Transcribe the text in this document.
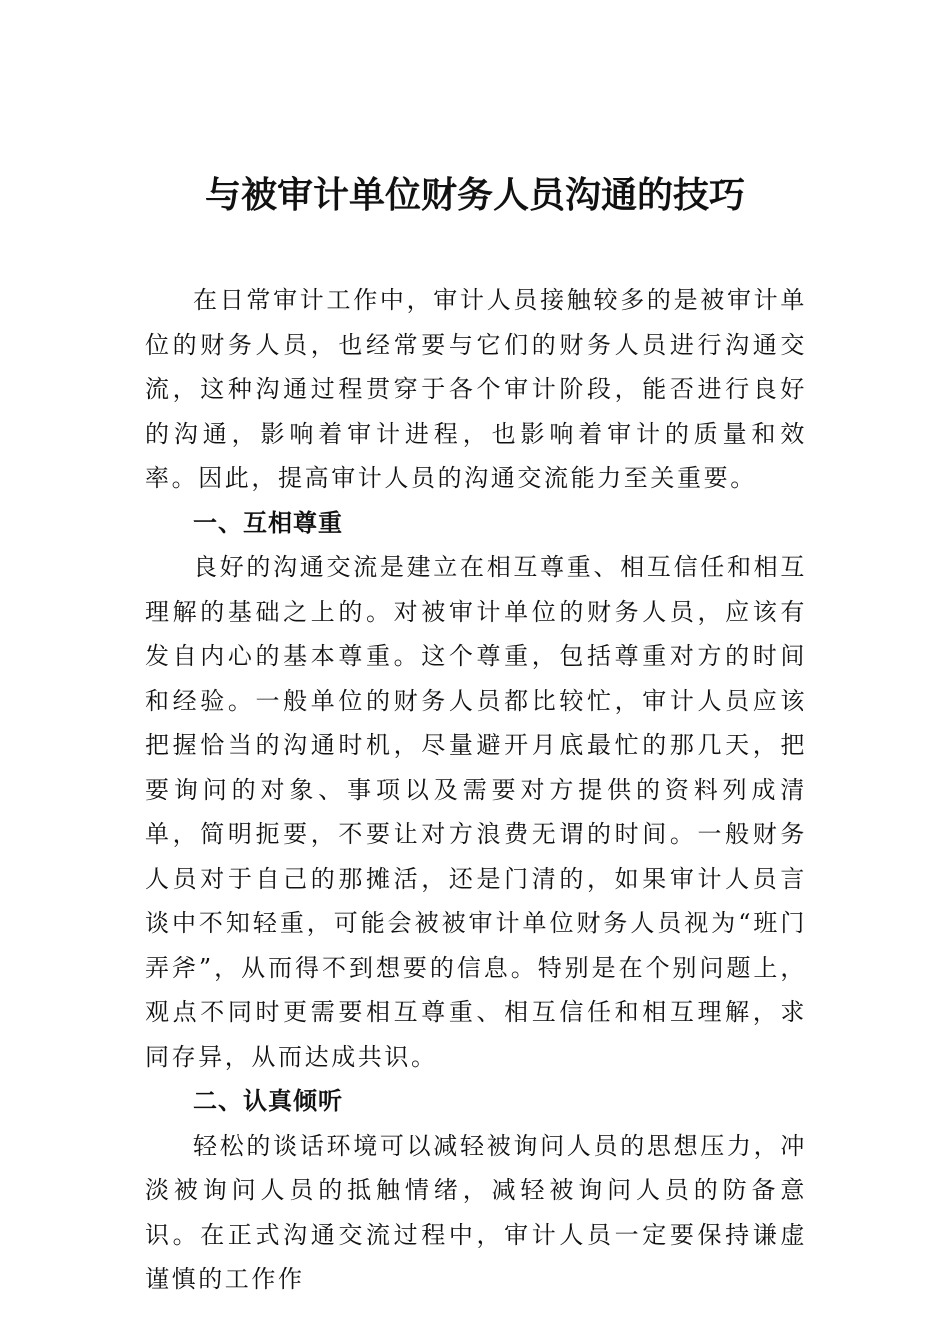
与被审计单位财务人员沟通的技巧

在日常审计工作中，审计人员接触较多的是被审计单位的财务人员，也经常要与它们的财务人员进行沟通交流，这种沟通过程贯穿于各个审计阶段，能否进行良好的沟通，影响着审计进程，也影响着审计的质量和效率。因此，提高审计人员的沟通交流能力至关重要。

一、互相尊重

良好的沟通交流是建立在相互尊重、相互信任和相互理解的基础之上的。对被审计单位的财务人员，应该有发自内心的基本尊重。这个尊重，包括尊重对方的时间和经验。一般单位的财务人员都比较忙，审计人员应该把握恰当的沟通时机，尽量避开月底最忙的那几天，把要询问的对象、事项以及需要对方提供的资料列成清单，简明扼要，不要让对方浪费无谓的时间。一般财务人员对于自己的那摊活，还是门清的，如果审计人员言谈中不知轻重，可能会被被审计单位财务人员视为“班门弄斧”，从而得不到想要的信息。特别是在个别问题上，观点不同时更需要相互尊重、相互信任和相互理解，求同存异，从而达成共识。

二、认真倾听

轻松的谈话环境可以减轻被询问人员的思想压力，冲淡被询问人员的抵触情绪，减轻被询问人员的防备意识。在正式沟通交流过程中，审计人员一定要保持谦虚谨慎的工作作
